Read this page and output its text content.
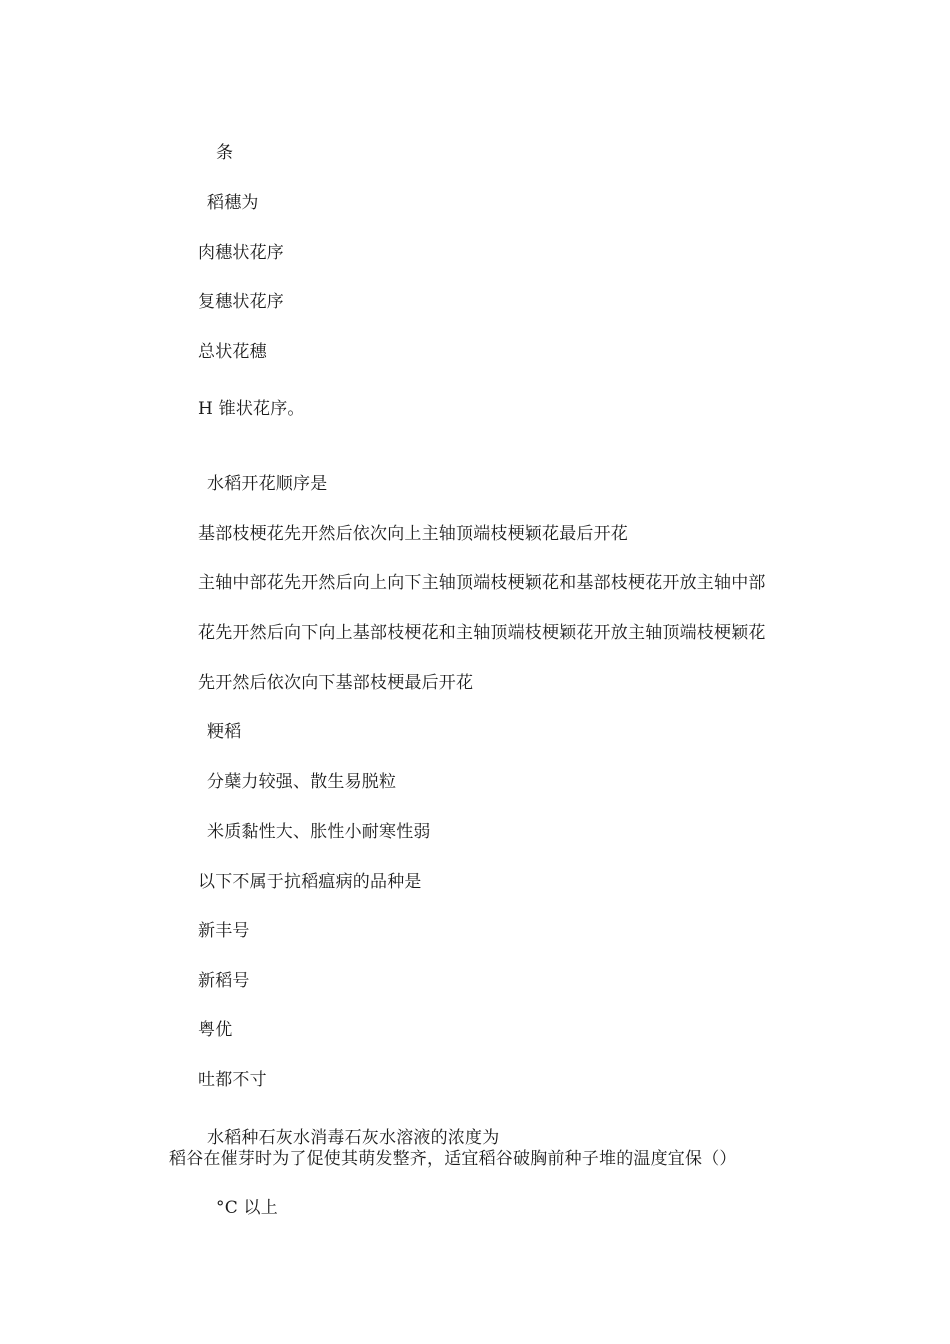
条
稻穗为
肉穗状花序
复穗状花序
总状花穗
H 锥状花序。
水稻开花顺序是
基部枝梗花先开然后依次向上主轴顶端枝梗颖花最后开花
主轴中部花先开然后向上向下主轴顶端枝梗颖花和基部枝梗花开放主轴中部
花先开然后向下向上基部枝梗花和主轴顶端枝梗颖花开放主轴顶端枝梗颖花
先开然后依次向下基部枝梗最后开花
粳稻
分蘖力较强、散生易脱粒
米质黏性大、胀性小耐寒性弱
以下不属于抗稻瘟病的品种是
新丰号
新稻号
粤优
吐都不寸
水稻种石灰水消毒石灰水溶液的浓度为
稻谷在催芽时为了促使其萌发整齐，适宜稻谷破胸前种子堆的温度宜保（）
°C 以上
